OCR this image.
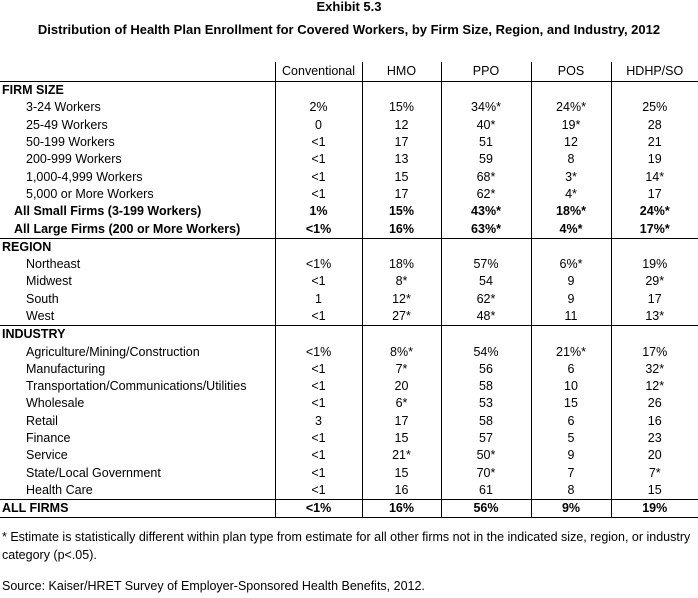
Exhibit 5.3
Distribution of Health Plan Enrollment for Covered Workers, by Firm Size, Region, and Industry, 2012
	Conventional	HMO	PPO	POS	HDHP/SO
FIRM SIZE					
3-24 Workers	2%	15%	34%*	24%*	25%
25-49 Workers	0	12	40*	19*	28
50-199 Workers	<1	17	51	12	21
200-999 Workers	<1	13	59	8	19
1,000-4,999 Workers	<1	15	68*	3*	14*
5,000 or More Workers	<1	17	62*	4*	17
All Small Firms (3-199 Workers)	1%	15%	43%*	18%*	24%*
All Large Firms (200 or More Workers)	<1%	16%	63%*	4%*	17%*
REGION					
Northeast	<1%	18%	57%	6%*	19%
Midwest	<1	8*	54	9	29*
South	1	12*	62*	9	17
West	<1	27*	48*	11	13*
INDUSTRY					
Agriculture/Mining/Construction	<1%	8%*	54%	21%*	17%
Manufacturing	<1	7*	56	6	32*
Transportation/Communications/Utilities	<1	20	58	10	12*
Wholesale	<1	6*	53	15	26
Retail	3	17	58	6	16
Finance	<1	15	57	5	23
Service	<1	21*	50*	9	20
State/Local Government	<1	15	70*	7	7*
Health Care	<1	16	61	8	15
ALL FIRMS	<1%	16%	56%	9%	19%
* Estimate is statistically different within plan type from estimate for all other firms not in the indicated size, region, or industry category (p<.05).
Source: Kaiser/HRET Survey of Employer-Sponsored Health Benefits, 2012.
